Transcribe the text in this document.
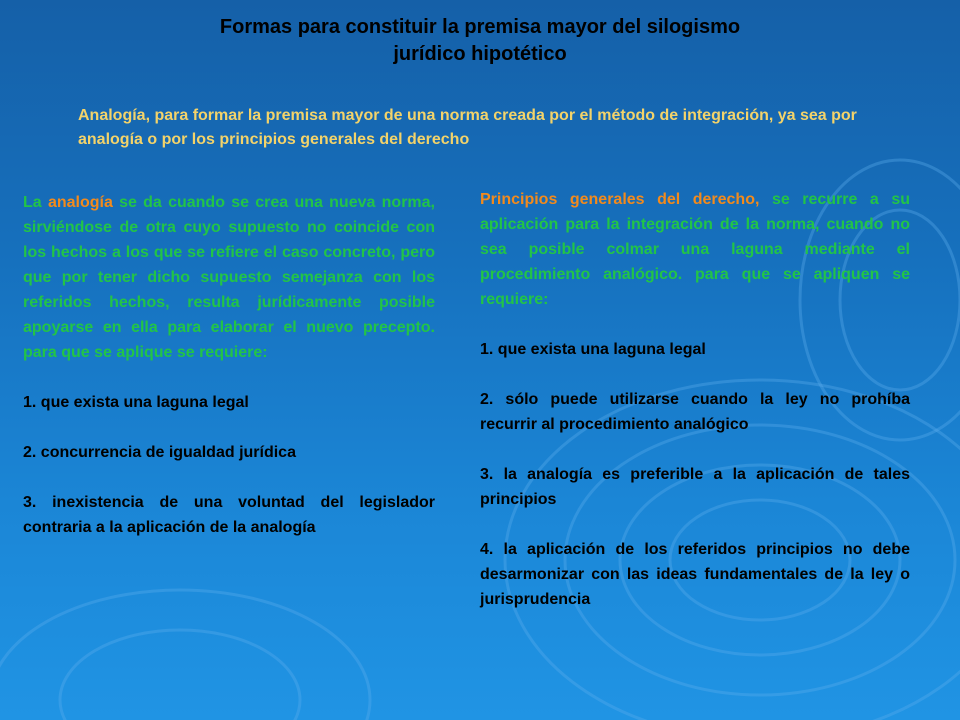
Formas para constituir la premisa mayor del silogismo
jurídico hipotético
Analogía, para formar la premisa mayor de una norma creada por el método de integración, ya sea por analogía o por los principios generales del derecho

La analogía se da cuando se crea una nueva norma, sirviéndose de otra cuyo supuesto no coincide con los hechos a los que se refiere el caso concreto, pero que por tener dicho supuesto semejanza con los referidos hechos, resulta jurídicamente posible apoyarse en ella para elaborar el nuevo precepto. para que se aplique se requiere:

1. que exista una laguna legal

2. concurrencia de igualdad jurídica

3. inexistencia de una voluntad del legislador contraria a la aplicación de la analogía

Principios generales del derecho, se recurre a su aplicación para la integración de la norma, cuando no sea posible colmar una laguna mediante el procedimiento analógico. para que se apliquen se requiere:

1. que exista una laguna legal

2. sólo puede utilizarse cuando la ley no prohíba recurrir al procedimiento analógico

3. la analogía es preferible a la aplicación de tales principios

4. la aplicación de los referidos principios no debe desarmonizar con las ideas fundamentales de la ley o jurisprudencia
